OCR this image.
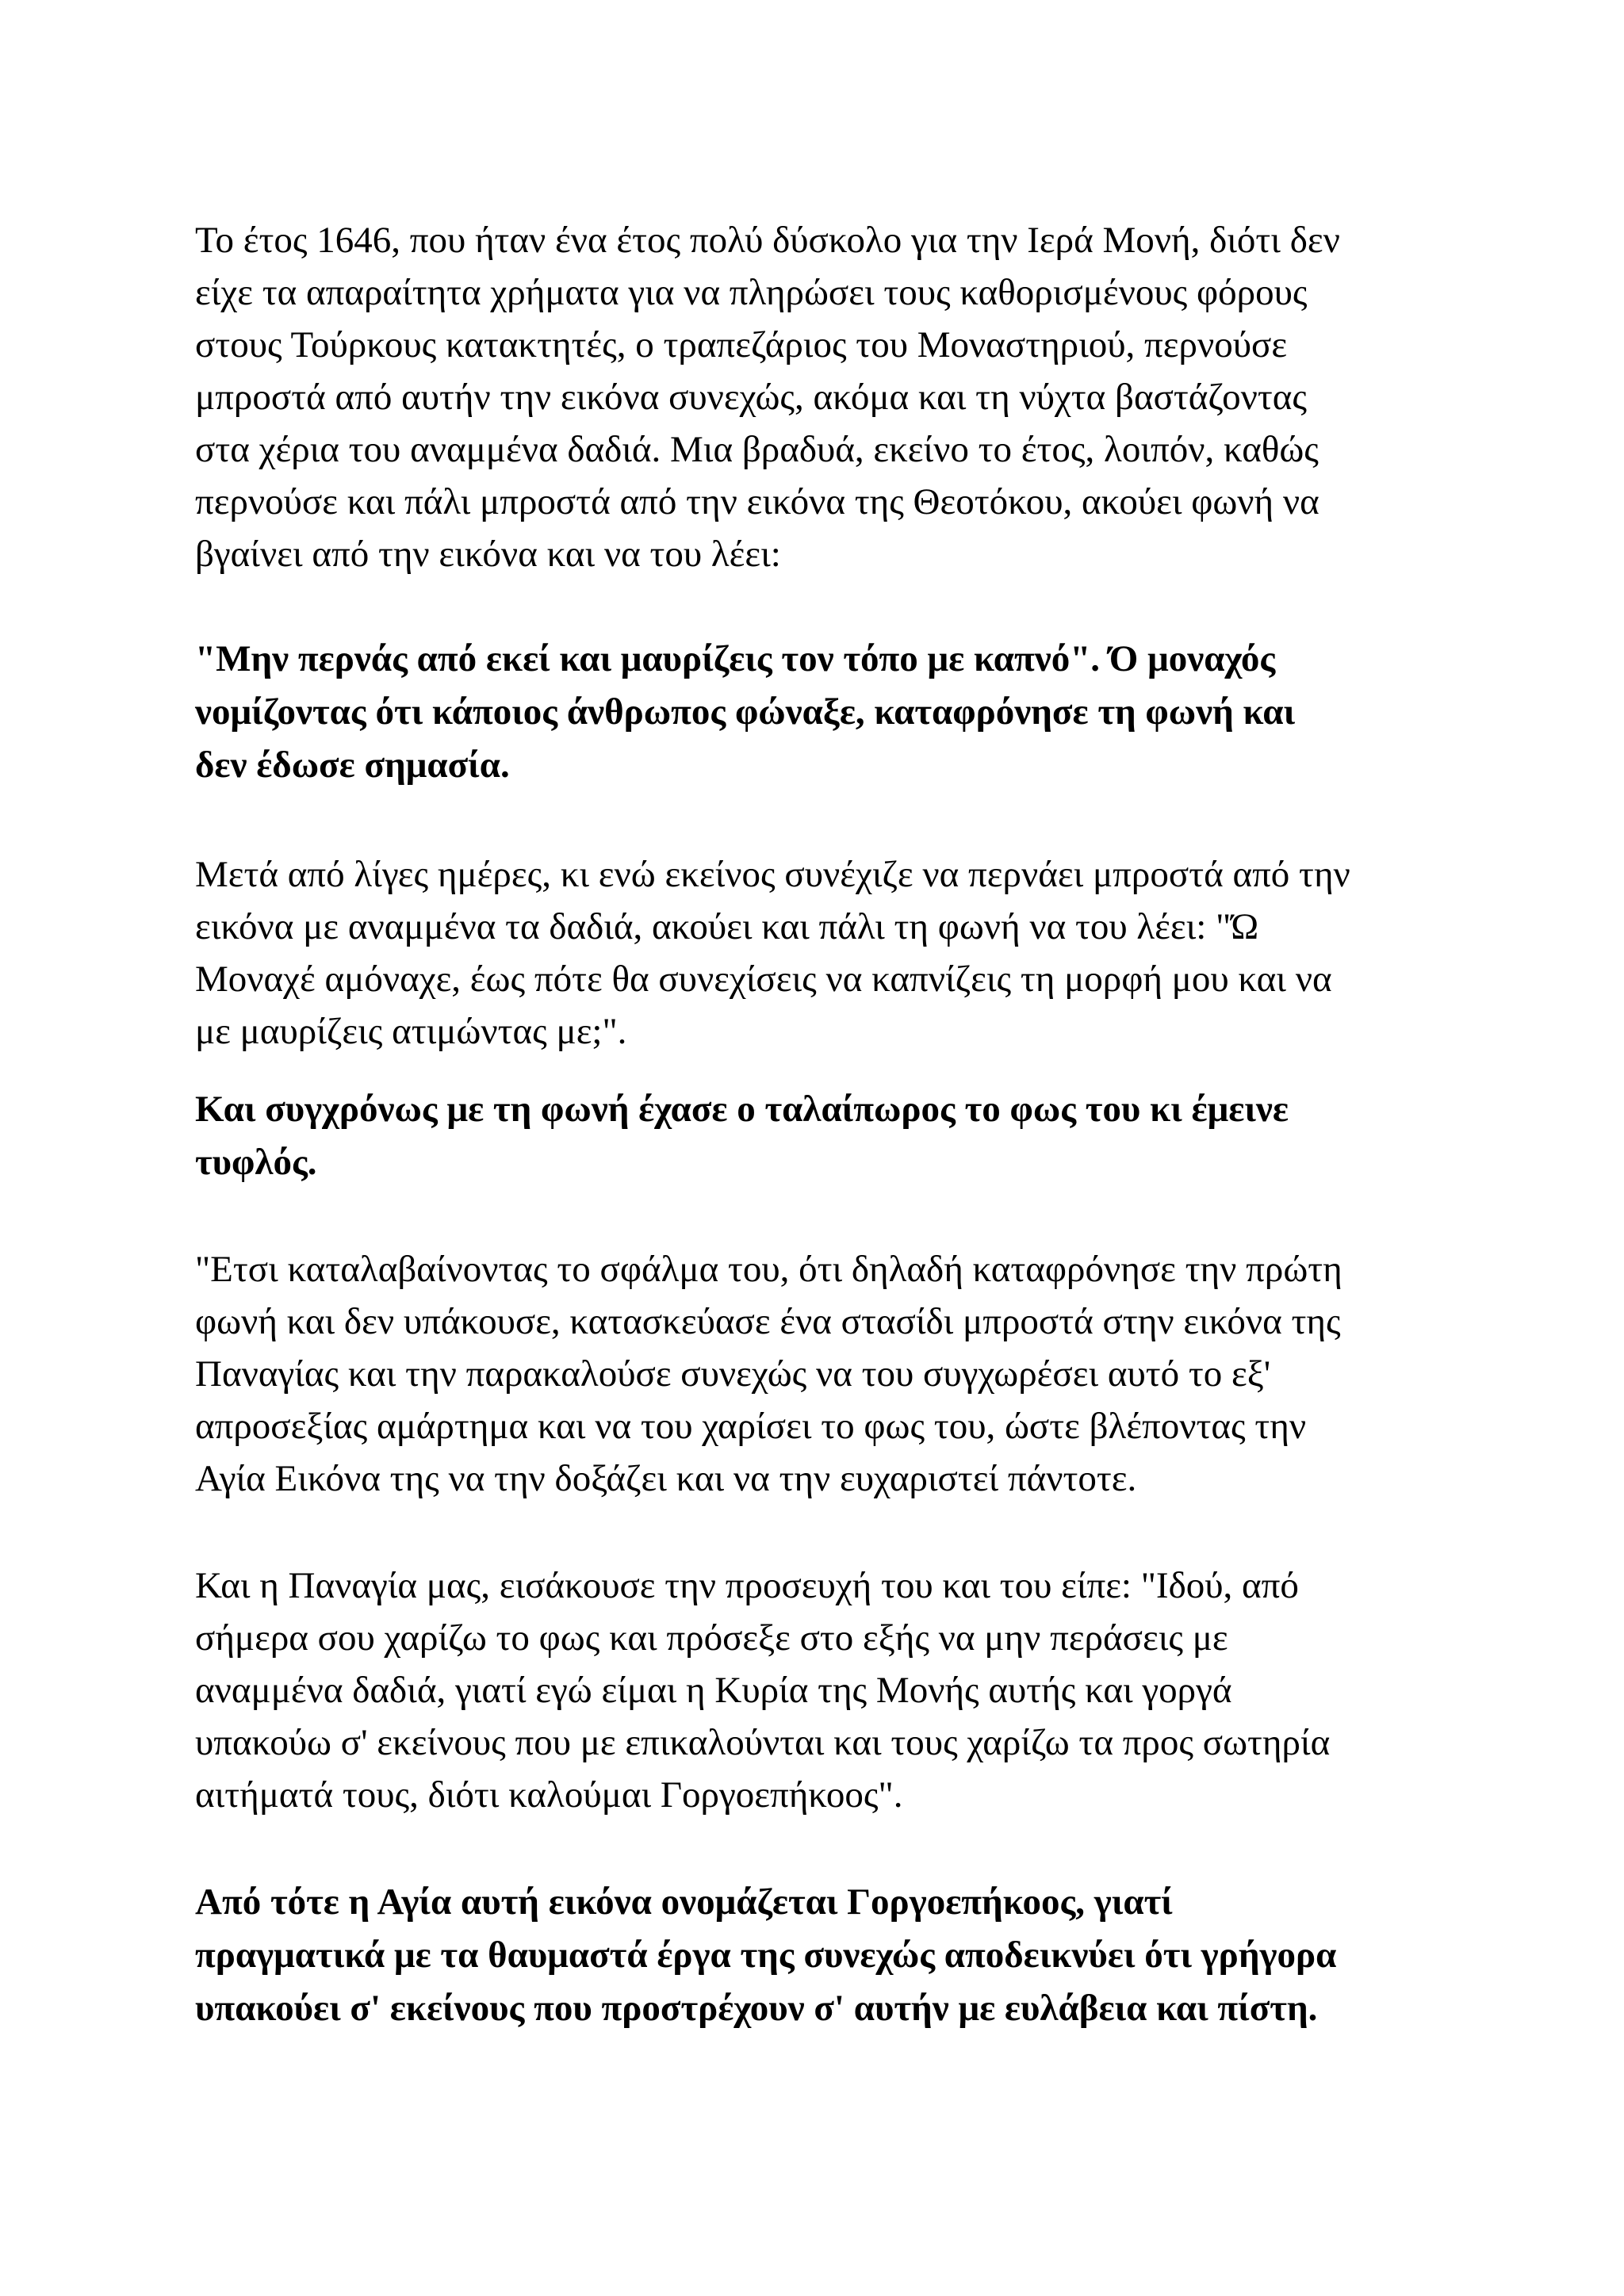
Το έτος 1646, που ήταν ένα έτος πολύ δύσκολο για την Ιερά Μονή, διότι δεν
είχε τα απαραίτητα χρήματα για να πληρώσει τους καθορισμένους φόρους
στους Τούρκους κατακτητές, ο τραπεζάριος του Μοναστηριού, περνούσε
μπροστά από αυτήν την εικόνα συνεχώς, ακόμα και τη νύχτα βαστάζοντας
στα χέρια του αναμμένα δαδιά. Μια βραδυά, εκείνο το έτος, λοιπόν, καθώς
περνούσε και πάλι μπροστά από την εικόνα της Θεοτόκου, ακούει φωνή να
βγαίνει από την εικόνα και να του λέει:

"Μην περνάς από εκεί και μαυρίζεις τον τόπο με καπνό". Ό μοναχός
νομίζοντας ότι κάποιος άνθρωπος φώναξε, καταφρόνησε τη φωνή και
δεν έδωσε σημασία.

Μετά από λίγες ημέρες, κι ενώ εκείνος συνέχιζε να περνάει μπροστά από την
εικόνα με αναμμένα τα δαδιά, ακούει και πάλι τη φωνή να του λέει: "Ώ
Μοναχέ αμόναχε, έως πότε θα συνεχίσεις να καπνίζεις τη μορφή μου και να
με μαυρίζεις ατιμώντας με;".

Και συγχρόνως με τη φωνή έχασε ο ταλαίπωρος το φως του κι έμεινε
τυφλός.

"Ετσι καταλαβαίνοντας το σφάλμα του, ότι δηλαδή καταφρόνησε την πρώτη
φωνή και δεν υπάκουσε, κατασκεύασε ένα στασίδι μπροστά στην εικόνα της
Παναγίας και την παρακαλούσε συνεχώς να του συγχωρέσει αυτό το εξ'
απροσεξίας αμάρτημα και να του χαρίσει το φως του, ώστε βλέποντας την
Αγία Εικόνα της να την δοξάζει και να την ευχαριστεί πάντοτε.

Και η Παναγία μας, εισάκουσε την προσευχή του και του είπε: "Ιδού, από
σήμερα σου χαρίζω το φως και πρόσεξε στο εξής να μην περάσεις με
αναμμένα δαδιά, γιατί εγώ είμαι η Κυρία της Μονής αυτής και γοργά
υπακούω σ' εκείνους που με επικαλούνται και τους χαρίζω τα προς σωτηρία
αιτήματά τους, διότι καλούμαι Γοργοεπήκοος".

Από τότε η Αγία αυτή εικόνα ονομάζεται Γοργοεπήκοος, γιατί
πραγματικά με τα θαυμαστά έργα της συνεχώς αποδεικνύει ότι γρήγορα
υπακούει σ' εκείνους που προστρέχουν σ' αυτήν με ευλάβεια και πίστη.
